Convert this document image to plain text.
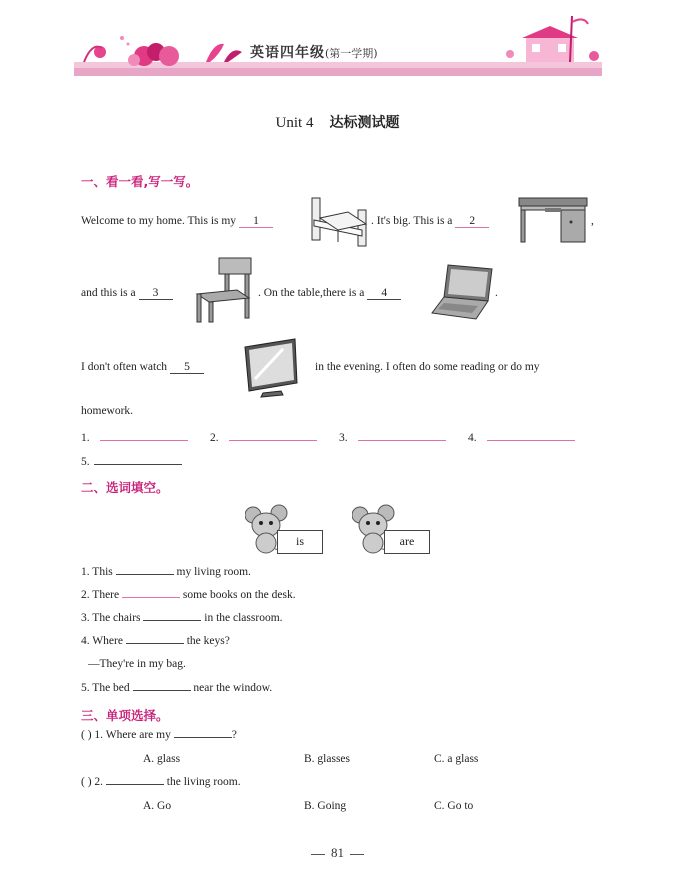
英语四年级(第一学期)
Unit 4 达标测试题
一、看一看,写一写。
Welcome to my home. This is my 1	. It's big. This is a 2	,
and this is a 3	. On the table,there is a 4	.
I don't often watch 5	in the evening. I often do some reading or do my
homework.
1.	2.	3.	4.
5.
二、选词填空。
is	are
1. This	my living room.
2. There	some books on the desk.
3. The chairs	in the classroom.
4. Where	the keys?
—They're in my bag.
5. The bed	near the window.
三、单项选择。
( ) 1. Where are my	?
A. glass	B. glasses	C. a glass
( ) 2.	the living room.
A. Go	B. Going	C. Go to
81
